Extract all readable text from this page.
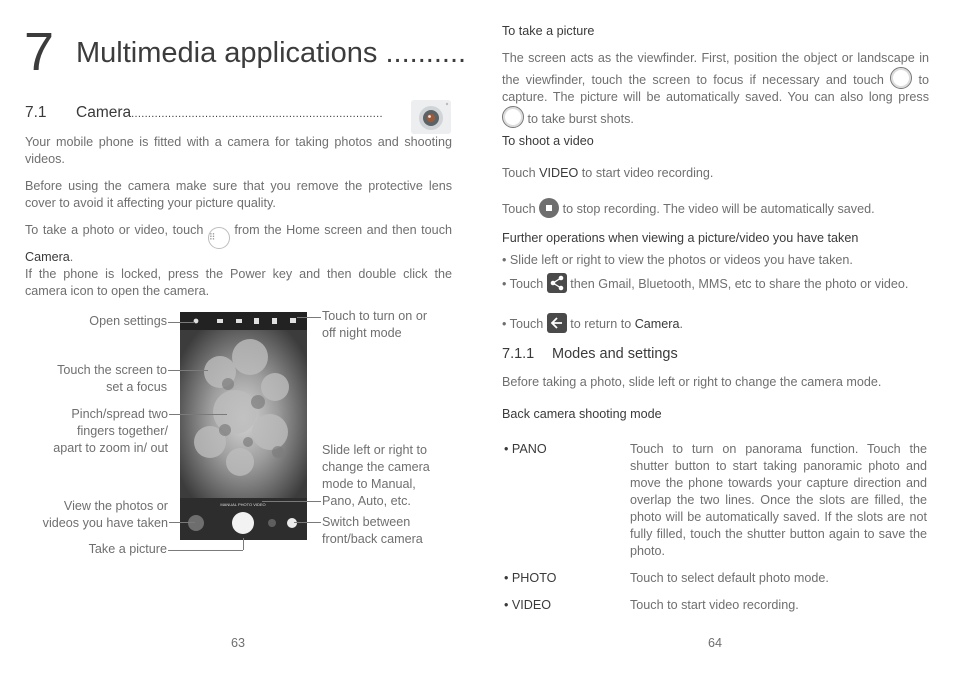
7 Multimedia applications ..........
7.1 Camera...........................................................................
Your mobile phone is fitted with a camera for taking photos and shooting videos.
Before using the camera make sure that you remove the protective lens cover to avoid it affecting your picture quality.
To take a photo or video, touch ⠿ from the Home screen and then touch Camera.
If the phone is locked, press the Power key and then double click the camera icon to open the camera.
MANUAL PHOTO VIDEO
Open settings
Touch the screen to set a focus
Pinch/spread two fingers together/ apart to zoom in/ out
View the photos or videos you have taken
Take a picture
Touch to turn on or off night mode
Slide left or right to change the camera mode to Manual, Pano, Auto, etc.
Switch between front/back camera
63
To take a picture
The screen acts as the viewfinder. First, position the object or landscape in the viewfinder, touch the screen to focus if necessary and touch  to capture. The picture will be automatically saved. You can also long press  to take burst shots.
To shoot a video
Touch VIDEO to start video recording.
Touch
to stop recording. The video will be automatically saved.
Further operations when viewing a picture/video you have taken
• Slide left or right to view the photos or videos you have taken.
• Touch  then Gmail, Bluetooth, MMS, etc to share the photo or video.
• Touch  to return to Camera.
7.1.1 Modes and settings
Before taking a photo, slide left or right to change the camera mode.
Back camera shooting mode
• PANO	Touch to turn on panorama function. Touch the shutter button to start taking panoramic photo and move the phone towards your capture direction and overlap the two lines. Once the slots are filled, the photo will be automatically saved. If the slots are not fully filled, touch the shutter button again to save the photo.
• PHOTO	Touch to select default photo mode.
• VIDEO	Touch to start video recording.
64
